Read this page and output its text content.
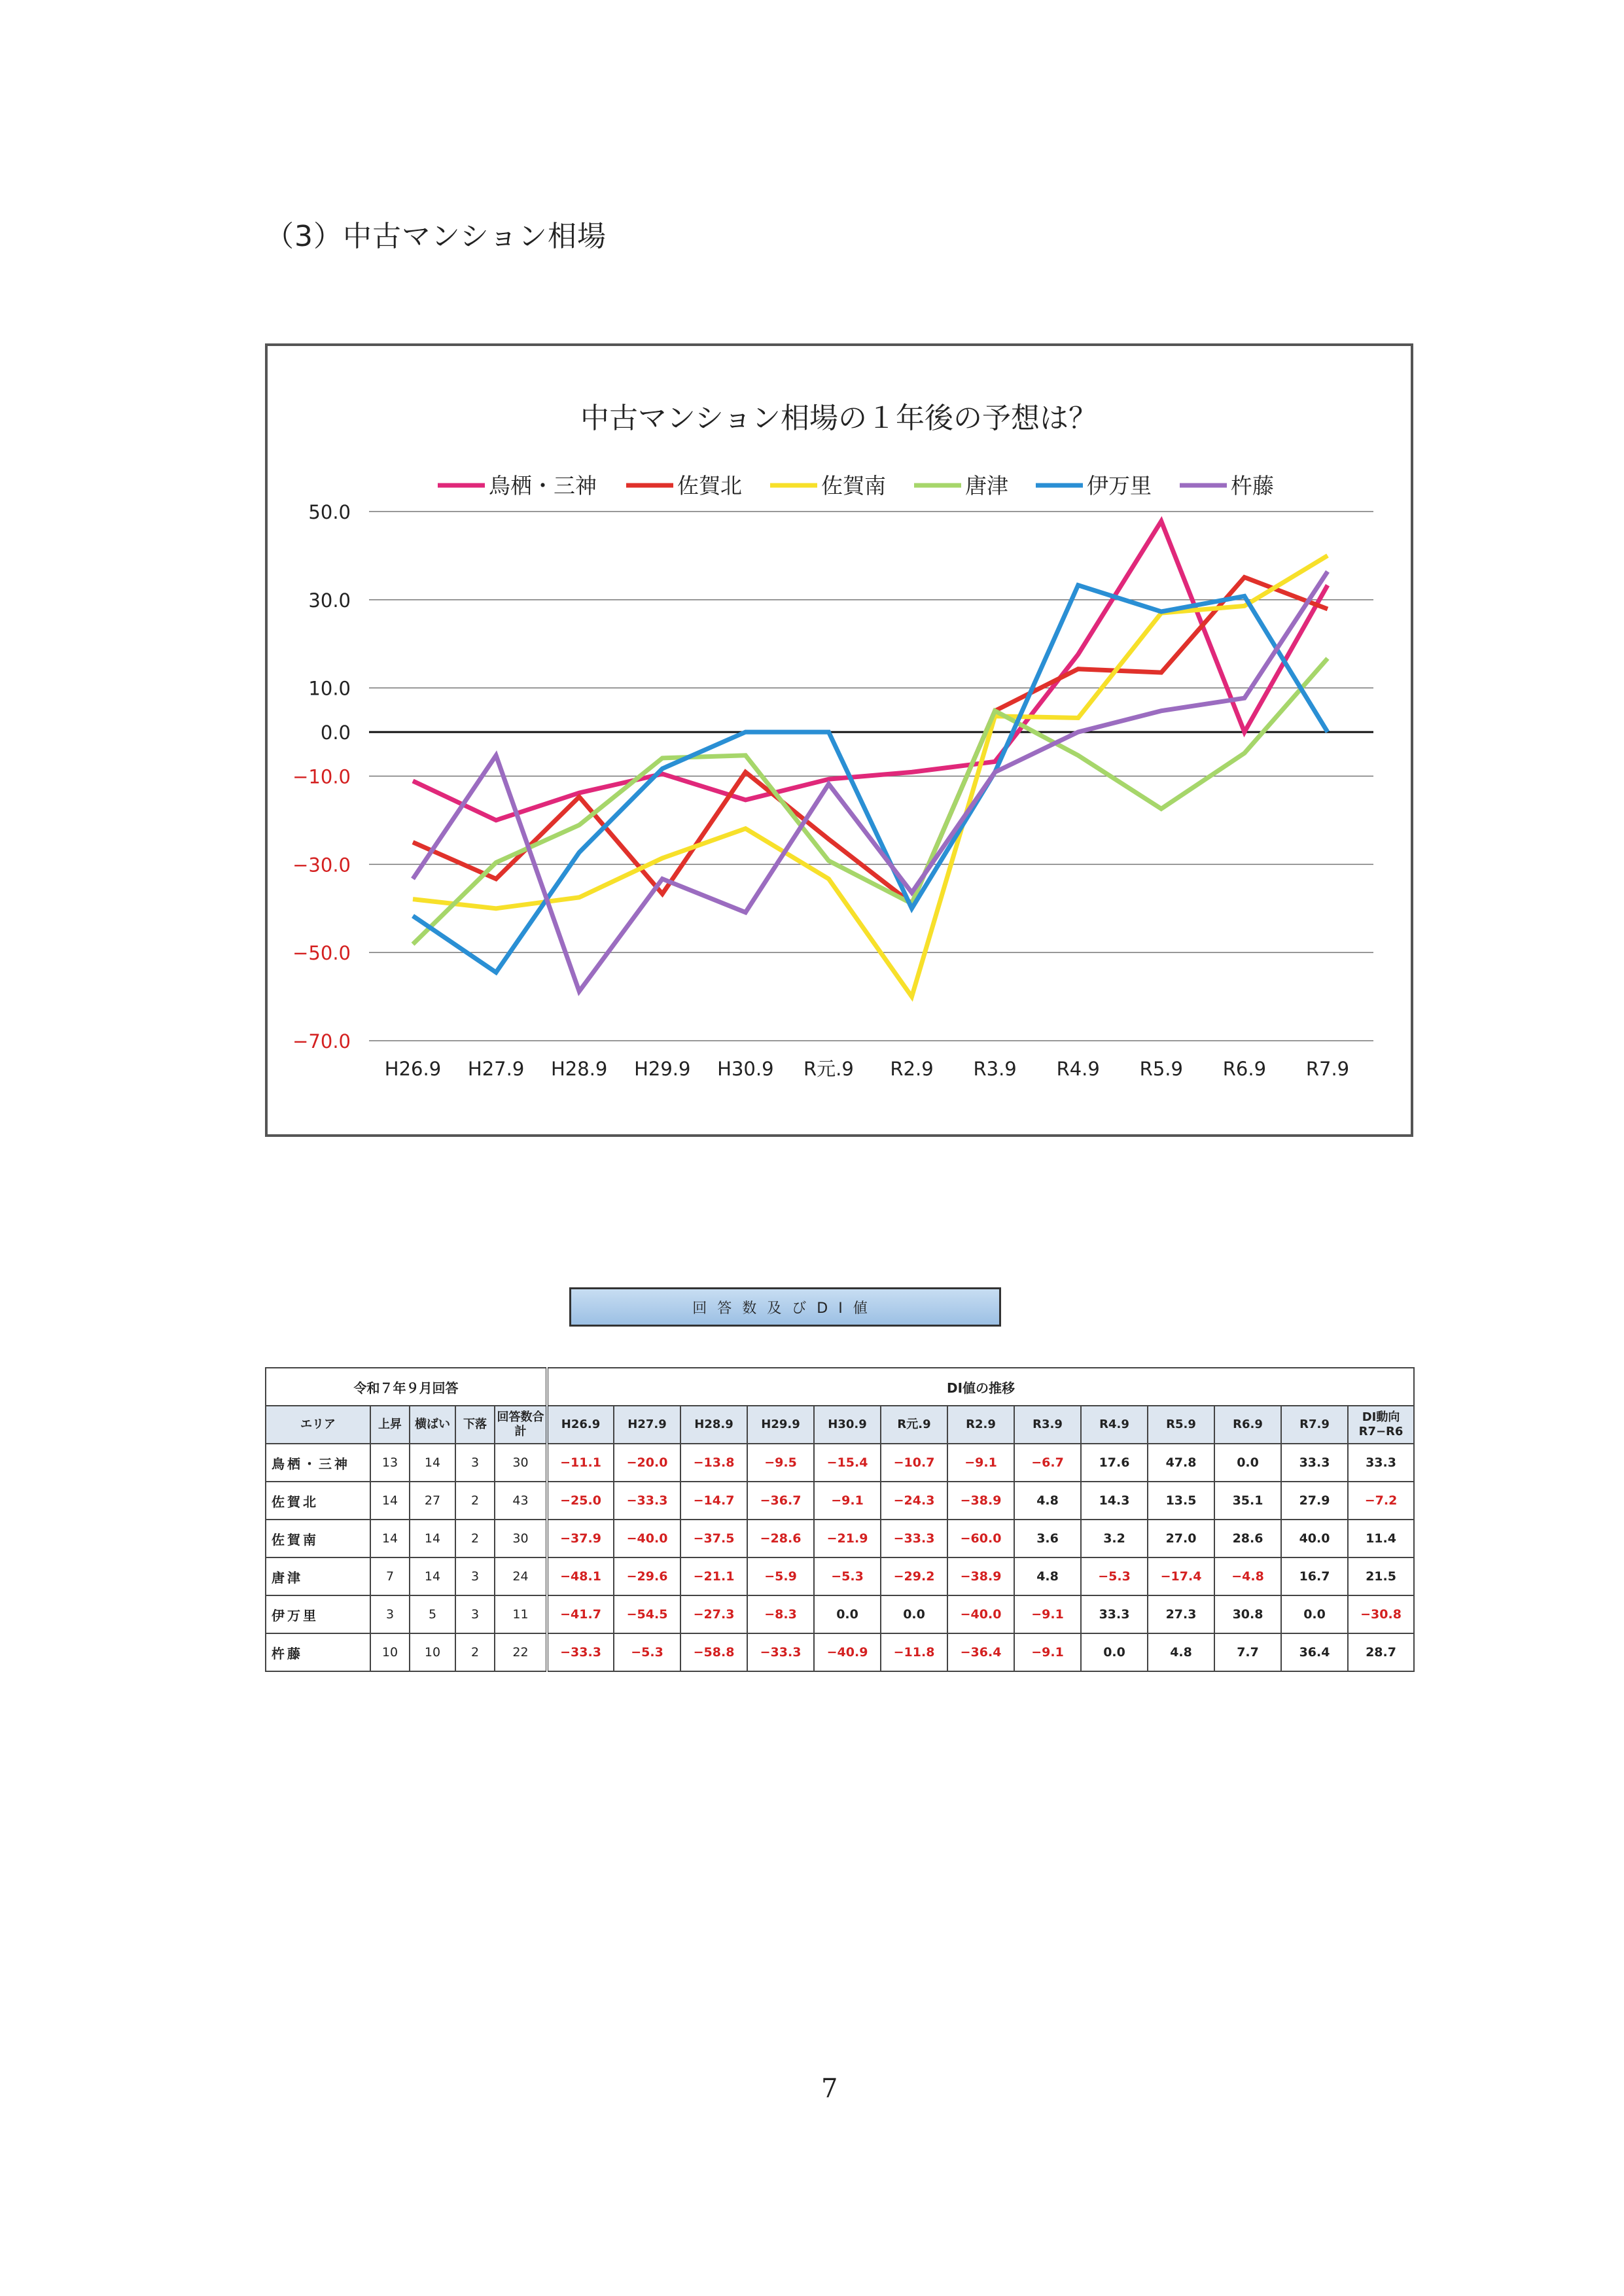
（3）中古マンション相場
中古マンション相場の１年後の予想は？
鳥栖・三神	佐賀北	佐賀南	唐津	伊万里	杵藤
50.0
30.0
10.0
0.0
−10.0
−30.0
−50.0
−70.0
H26.9 H27.9 H28.9 H29.9 H30.9 R元.9 R2.9 R3.9 R4.9 R5.9 R6.9 R7.9
回答数及びDI値
令和７年９月回答					DI値の推移												
エリア	上昇	横ばい	下落	回答数合計	H26.9	H27.9	H28.9	H29.9	H30.9	R元.9	R2.9	R3.9	R4.9	R5.9	R6.9	R7.9	DI動向
R7−R6

鳥栖・三神	13	14	3	30	−11.1	−20.0	−13.8	−9.5	−15.4	−10.7	−9.1	−6.7	17.6	47.8	0.0	33.3	33.3
佐賀北	14	27	2	43	−25.0	−33.3	−14.7	−36.7	−9.1	−24.3	−38.9	4.8	14.3	13.5	35.1	27.9	−7.2
佐賀南	14	14	2	30	−37.9	−40.0	−37.5	−28.6	−21.9	−33.3	−60.0	3.6	3.2	27.0	28.6	40.0	11.4
唐津	7	14	3	24	−48.1	−29.6	−21.1	−5.9	−5.3	−29.2	−38.9	4.8	−5.3	−17.4	−4.8	16.7	21.5
伊万里	3	5	3	11	−41.7	−54.5	−27.3	−8.3	0.0	0.0	−40.0	−9.1	33.3	27.3	30.8	0.0	−30.8
杵藤	10	10	2	22	−33.3	−5.3	−58.8	−33.3	−40.9	−11.8	−36.4	−9.1	0.0	4.8	7.7	36.4	28.7
7
